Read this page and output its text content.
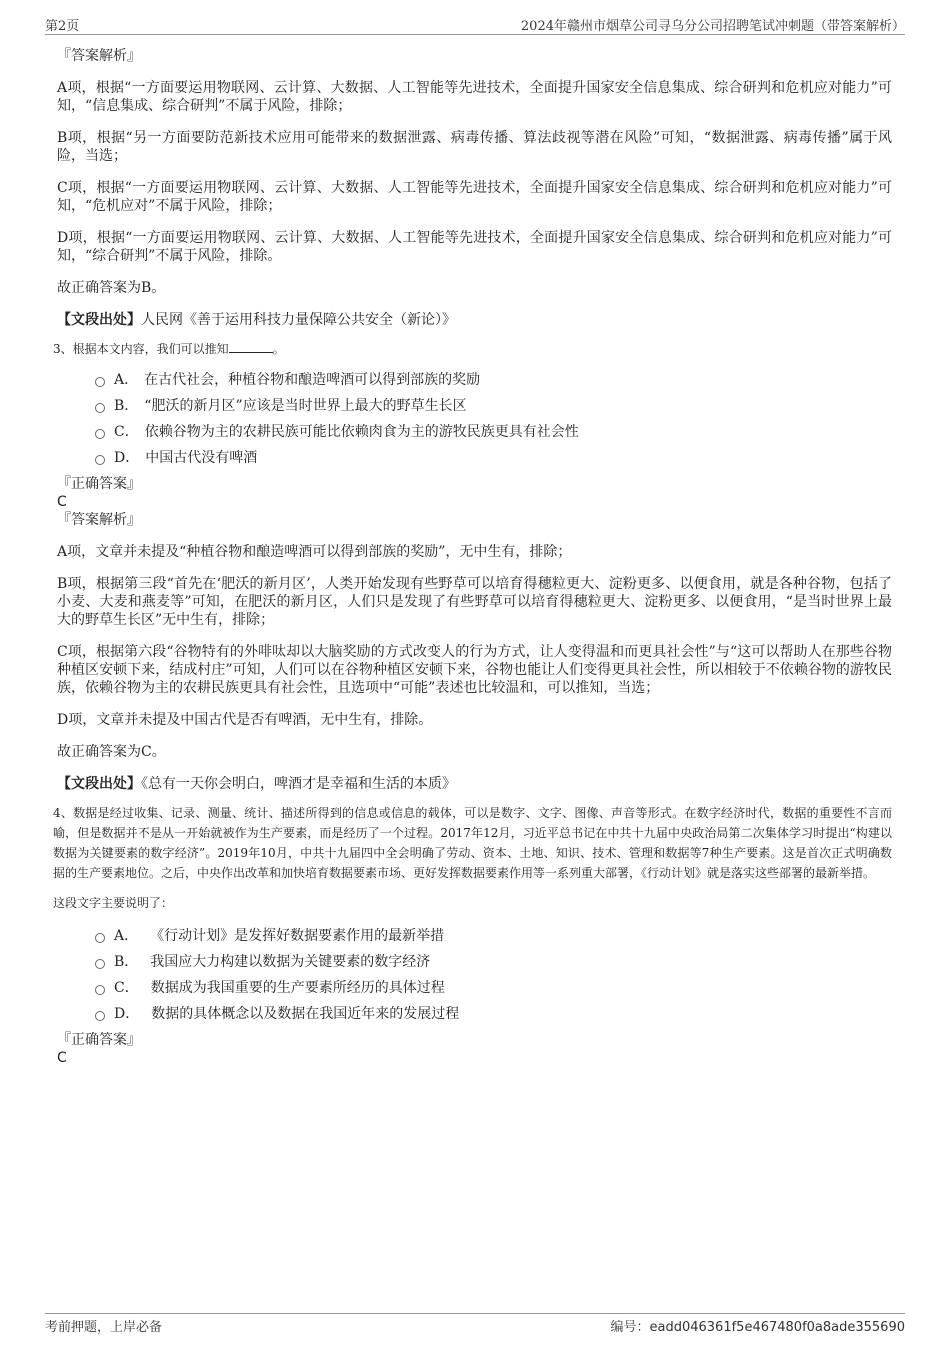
第2页	2024年赣州市烟草公司寻乌分公司招聘笔试冲刺题（带答案解析）

『答案解析』

A项，根据“一方面要运用物联网、云计算、大数据、人工智能等先进技术，全面提升国家安全信息集成、综合研判和危机应对能力”可知，“信息集成、综合研判”不属于风险，排除；

B项，根据“另一方面要防范新技术应用可能带来的数据泄露、病毒传播、算法歧视等潜在风险”可知，“数据泄露、病毒传播”属于风险，当选；

C项，根据“一方面要运用物联网、云计算、大数据、人工智能等先进技术，全面提升国家安全信息集成、综合研判和危机应对能力”可知，“危机应对”不属于风险，排除；

D项，根据“一方面要运用物联网、云计算、大数据、人工智能等先进技术，全面提升国家安全信息集成、综合研判和危机应对能力”可知，“综合研判”不属于风险，排除。

故正确答案为B。

【文段出处】人民网《善于运用科技力量保障公共安全（新论）》

3、根据本文内容，我们可以推知	。

A． 在古代社会，种植谷物和酿造啤酒可以得到部族的奖励
B． “肥沃的新月区”应该是当时世界上最大的野草生长区
C． 依赖谷物为主的农耕民族可能比依赖肉食为主的游牧民族更具有社会性
D． 中国古代没有啤酒

『正确答案』

C

『答案解析』

A项，文章并未提及“种植谷物和酿造啤酒可以得到部族的奖励”，无中生有，排除；

B项，根据第三段“首先在‘肥沃的新月区’，人类开始发现有些野草可以培育得穗粒更大、淀粉更多、以便食用，就是各种谷物，包括了小麦、大麦和燕麦等”可知，在肥沃的新月区，人们只是发现了有些野草可以培育得穗粒更大、淀粉更多、以便食用，“是当时世界上最大的野草生长区”无中生有，排除；

C项，根据第六段“谷物特有的外啡呔却以大脑奖励的方式改变人的行为方式，让人变得温和而更具社会性”与“这可以帮助人在那些谷物种植区安顿下来，结成村庄”可知，人们可以在谷物种植区安顿下来，谷物也能让人们变得更具社会性，所以相较于不依赖谷物的游牧民族，依赖谷物为主的农耕民族更具有社会性，且选项中“可能”表述也比较温和，可以推知，当选；

D项，文章并未提及中国古代是否有啤酒，无中生有，排除。

故正确答案为C。

【文段出处】《总有一天你会明白，啤酒才是幸福和生活的本质》

4、数据是经过收集、记录、测量、统计、描述所得到的信息或信息的载体，可以是数字、文字、图像、声音等形式。在数字经济时代，数据的重要性不言而喻，但是数据并不是从一开始就被作为生产要素，而是经历了一个过程。2017年12月，习近平总书记在中共十九届中央政治局第二次集体学习时提出“构建以数据为关键要素的数字经济”。2019年10月，中共十九届四中全会明确了劳动、资本、土地、知识、技术、管理和数据等7种生产要素。这是首次正式明确数据的生产要素地位。之后，中央作出改革和加快培育数据要素市场、更好发挥数据要素作用等一系列重大部署，《行动计划》就是落实这些部署的最新举措。

这段文字主要说明了：

A． 《行动计划》是发挥好数据要素作用的最新举措
B． 我国应大力构建以数据为关键要素的数字经济
C． 数据成为我国重要的生产要素所经历的具体过程
D． 数据的具体概念以及数据在我国近年来的发展过程

『正确答案』

C

考前押题，上岸必备	编号：eadd046361f5e467480f0a8ade355690
